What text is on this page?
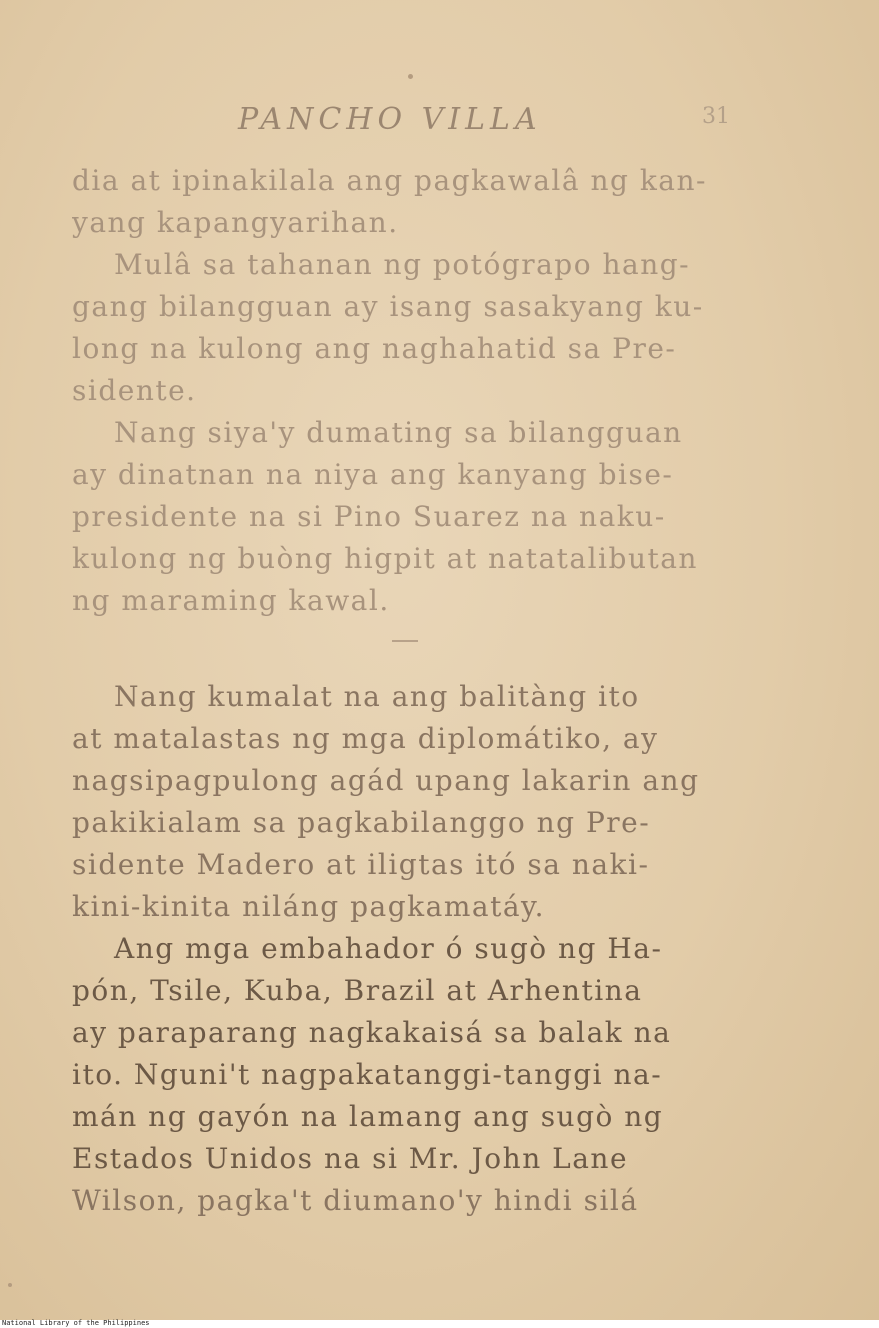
PANCHO VILLA	31
dia at ipinakilala ang pagkawalâ ng kan-
yang kapangyarihan.
Mulâ sa tahanan ng potógrapo hang-
gang bilangguan ay isang sasakyang ku-
long na kulong ang naghahatid sa Pre-
sidente.
Nang siya'y dumating sa bilangguan
ay dinatnan na niya ang kanyang bise-
presidente na si Pino Suarez na naku-
kulong ng buòng higpit at natatalibutan
ng maraming kawal.
Nang kumalat na ang balitàng ito
at matalastas ng mga diplomátiko, ay
nagsipagpulong agád upang lakarin ang
pakikialam sa pagkabilanggo ng Pre-
sidente Madero at iligtas itó sa naki-
kini-kinita niláng pagkamatáy.
Ang mga embahador ó sugò ng Ha-
pón, Tsile, Kuba, Brazil at Arhentina
ay paraparang nagkakaisá sa balak na
ito. Nguni't nagpakatanggi-tanggi na-
mán ng gayón na lamang ang sugò ng
Estados Unidos na si Mr. John Lane
Wilson, pagka't diumano'y hindi silá
National Library of the Philippines
